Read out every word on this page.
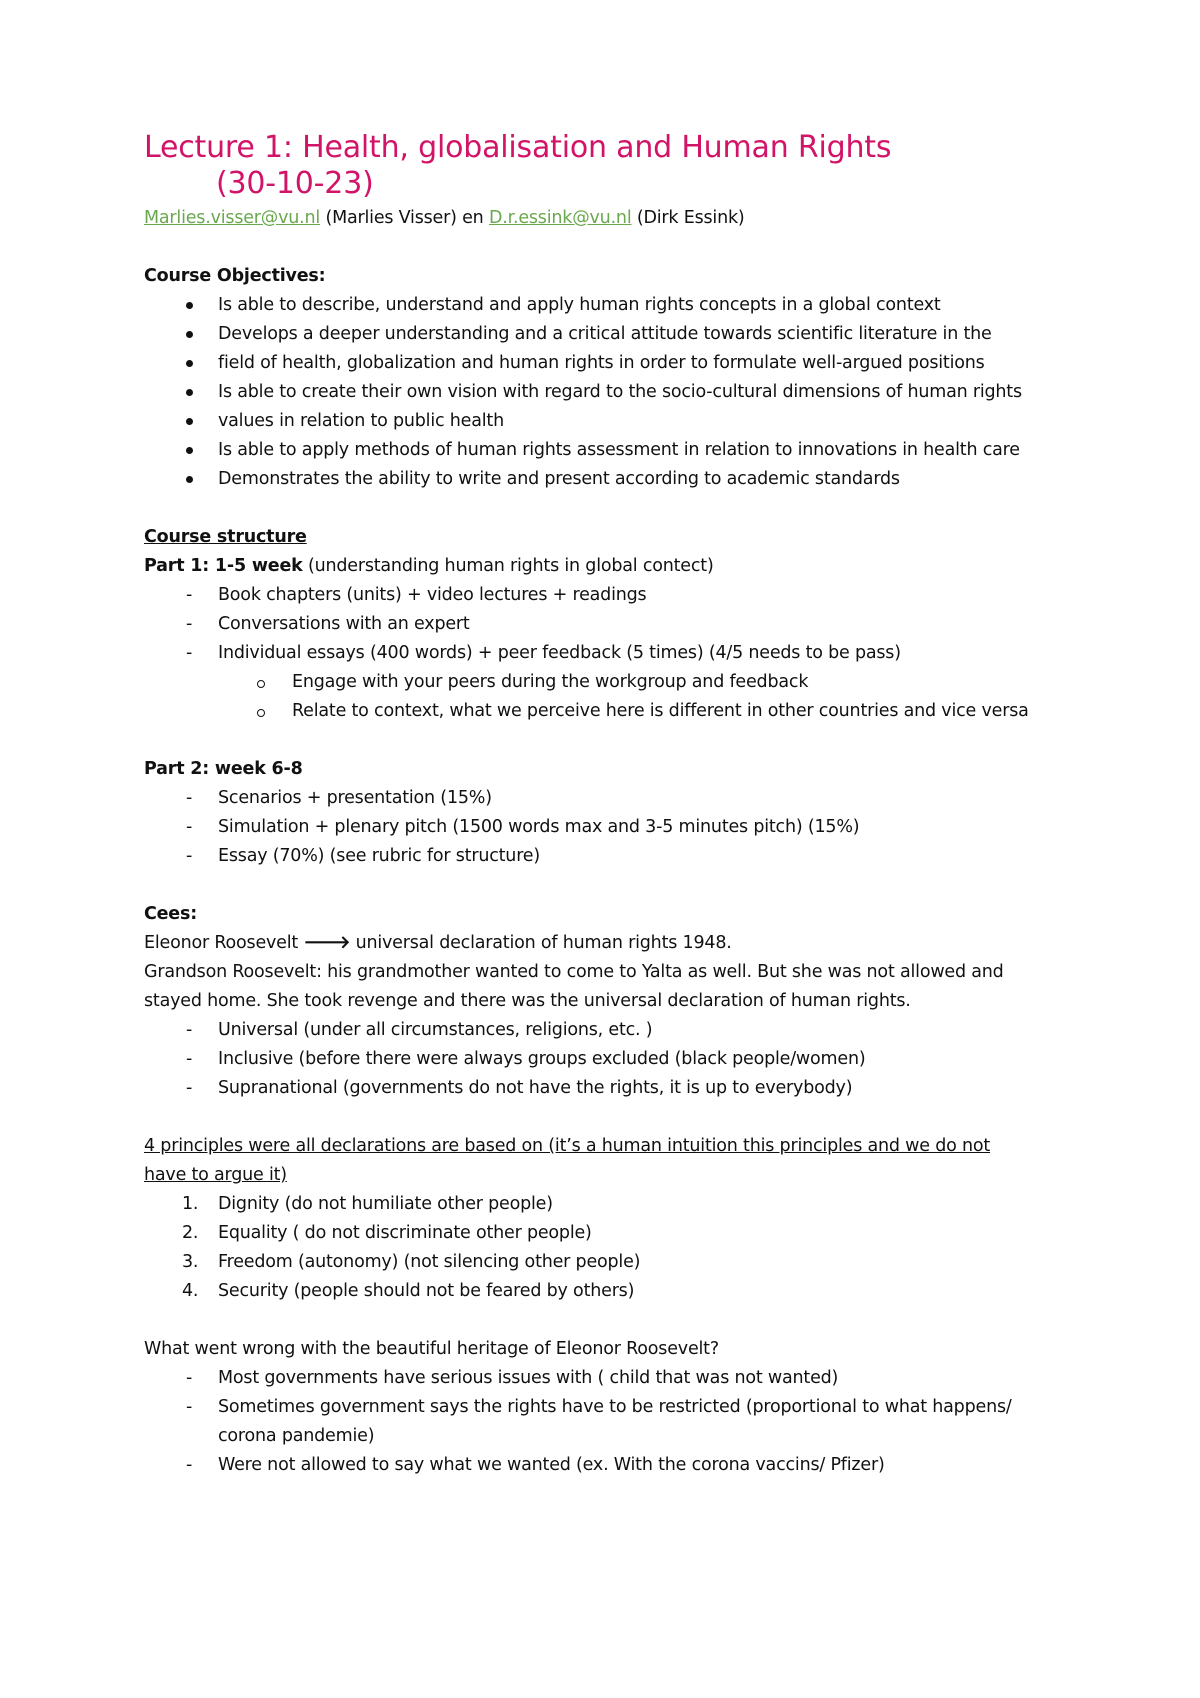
Lecture 1: Health, globalisation and Human Rights
(30-10-23)
Marlies.visser@vu.nl (Marlies Visser) en D.r.essink@vu.nl (Dirk Essink)
Course Objectives:
Is able to describe, understand and apply human rights concepts in a global context
Develops a deeper understanding and a critical attitude towards scientific literature in the
field of health, globalization and human rights in order to formulate well-argued positions
Is able to create their own vision with regard to the socio-cultural dimensions of human rights
values in relation to public health
Is able to apply methods of human rights assessment in relation to innovations in health care
Demonstrates the ability to write and present according to academic standards
Course structure
Part 1: 1-5 week (understanding human rights in global contect)
- Book chapters (units) + video lectures + readings
- Conversations with an expert
- Individual essays (400 words) + peer feedback (5 times) (4/5 needs to be pass)
Engage with your peers during the workgroup and feedback
Relate to context, what we perceive here is different in other countries and vice versa
Part 2: week 6-8
- Scenarios + presentation (15%)
- Simulation + plenary pitch (1500 words max and 3-5 minutes pitch) (15%)
- Essay (70%) (see rubric for structure)
Cees:
Eleonor Roosevelt 🡒 universal declaration of human rights 1948.
Grandson Roosevelt: his grandmother wanted to come to Yalta as well. But she was not allowed and
stayed home. She took revenge and there was the universal declaration of human rights.
- Universal (under all circumstances, religions, etc. )
- Inclusive (before there were always groups excluded (black people/women)
- Supranational (governments do not have the rights, it is up to everybody)
4 principles were all declarations are based on (it’s a human intuition this principles and we do not
have to argue it)
1. Dignity (do not humiliate other people)
2. Equality ( do not discriminate other people)
3. Freedom (autonomy) (not silencing other people)
4. Security (people should not be feared by others)
What went wrong with the beautiful heritage of Eleonor Roosevelt?
- Most governments have serious issues with ( child that was not wanted)
- Sometimes government says the rights have to be restricted (proportional to what happens/
corona pandemie)
- Were not allowed to say what we wanted (ex. With the corona vaccins/ Pfizer)
